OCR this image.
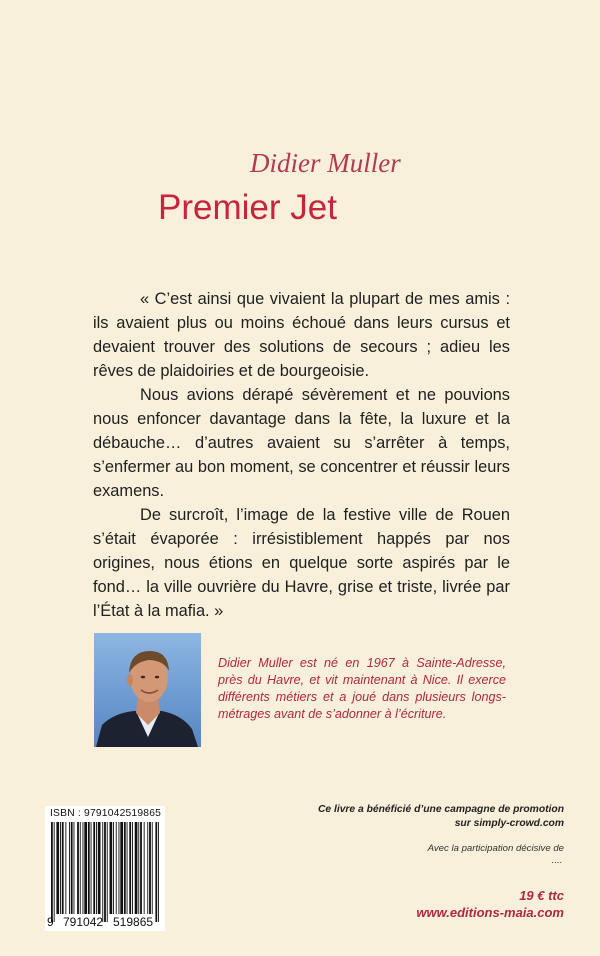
Didier Muller
Premier Jet

« C’est ainsi que vivaient la plupart de mes amis : ils avaient plus ou moins échoué dans leurs cursus et devaient trouver des solutions de secours ; adieu les rêves de plaidoiries et de bourgeoisie.

Nous avions dérapé sévèrement et ne pouvions nous enfoncer davantage dans la fête, la luxure et la débauche… d’autres avaient su s’arrêter à temps, s’enfermer au bon moment, se concentrer et réussir leurs examens.

De surcroît, l’image de la festive ville de Rouen s’était évaporée : irrésistiblement happés par nos origines, nous étions en quelque sorte aspirés par le fond… la ville ouvrière du Havre, grise et triste, livrée par l’État à la mafia. »

Didier Muller est né en 1967 à Sainte-Adresse, près du Havre, et vit maintenant à Nice. Il exerce différents métiers et a joué dans plusieurs longs-métrages avant de s’adonner à l’écriture.
ISBN : 9791042519865
9 791042 519865
Ce livre a bénéficié d’une campagne de promotion
sur simply-crowd.com
Avec la participation décisive de
....
19 € ttc
www.editions-maia.com
